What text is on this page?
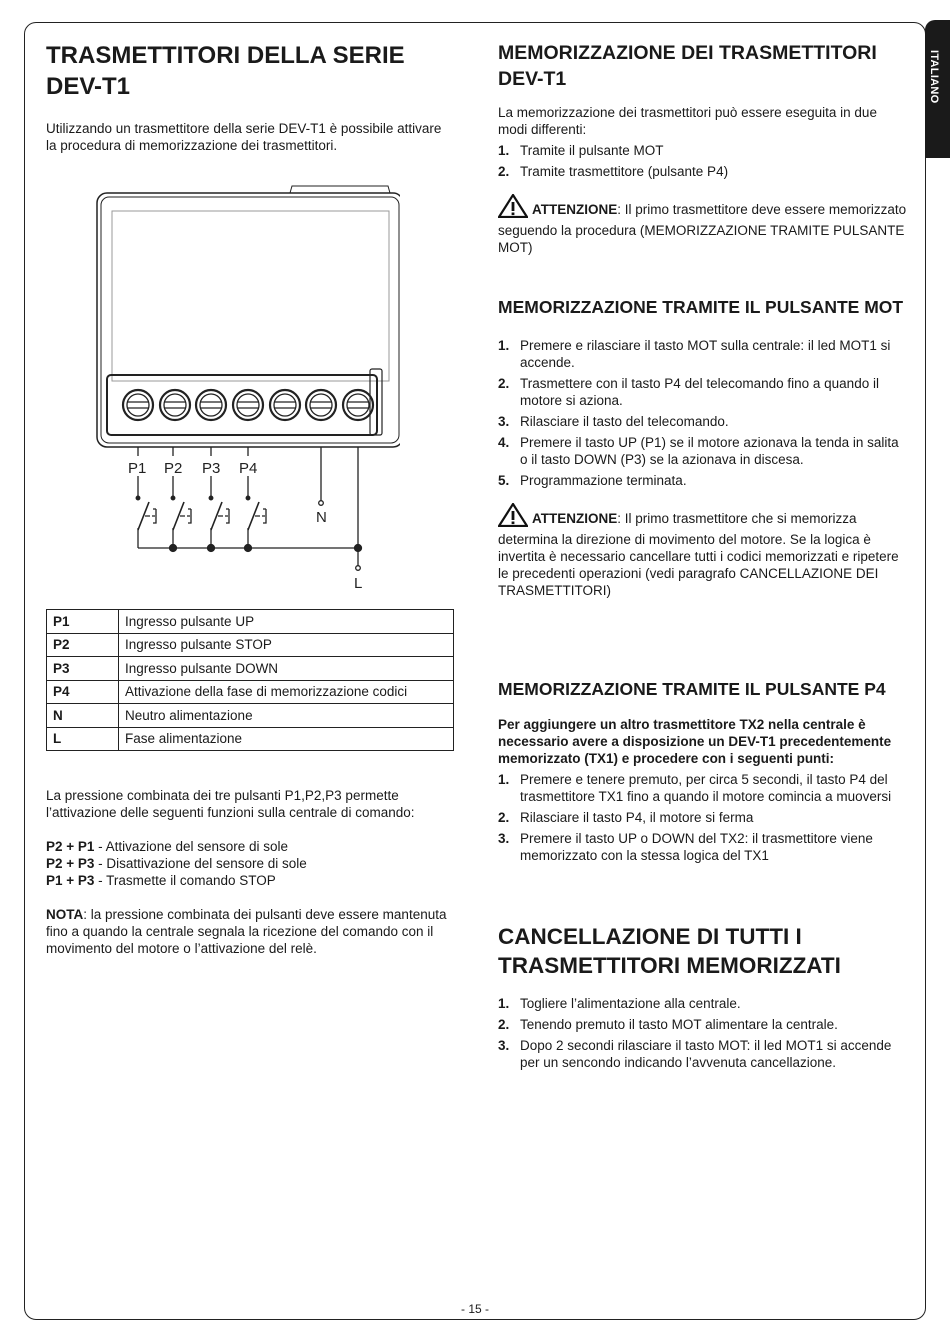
ITALIANO
TRASMETTITORI DELLA SERIE DEV-T1

Utilizzando un trasmettitore della serie DEV-T1 è possibile attivare la procedura di memorizzazione dei trasmettitori.

P1 P2 P3 P4
N
L
P1	Ingresso pulsante UP
P2	Ingresso pulsante STOP
P3	Ingresso pulsante DOWN
P4	Attivazione della fase di memorizzazione codici
N	Neutro alimentazione
L	Fase alimentazione

La pressione combinata dei tre pulsanti P1,P2,P3 permette l’attivazione delle seguenti funzioni sulla centrale di comando:

P2 + P1 - Attivazione del sensore di sole
P2 + P3 - Disattivazione del sensore di sole
P1 + P3 - Trasmette il comando STOP

NOTA: la pressione combinata dei pulsanti deve essere mantenuta fino a quando la centrale segnala la ricezione del comando con il movimento del motore o l’attivazione del relè.

MEMORIZZAZIONE DEI TRASMETTITORI DEV-T1

La memorizzazione dei trasmettitori può essere eseguita in due modi differenti:

1. Tramite il pulsante MOT
2. Tramite trasmettitore (pulsante P4)

ATTENZIONE: Il primo trasmettitore deve essere memorizzato seguendo la procedura (MEMORIZZAZIONE TRAMITE PULSANTE MOT)

MEMORIZZAZIONE TRAMITE IL PULSANTE MOT
1. Premere e rilasciare il tasto MOT sulla centrale: il led MOT1 si accende.
2. Trasmettere con il tasto P4 del telecomando fino a quando il motore si aziona.
3. Rilasciare il tasto del telecomando.
4. Premere il tasto UP (P1) se il motore azionava la tenda in salita o il tasto DOWN (P3) se la azionava in discesa.
5. Programmazione terminata.

ATTENZIONE: Il primo trasmettitore che si memorizza determina la direzione di movimento del motore. Se la logica è invertita è necessario cancellare tutti i codici memorizzati e ripetere le precedenti operazioni (vedi paragrafo CANCELLAZIONE DEI TRASMETTITORI)

MEMORIZZAZIONE TRAMITE IL PULSANTE P4

Per aggiungere un altro trasmettitore TX2 nella centrale è necessario avere a disposizione un DEV-T1 precedentemente memorizzato (TX1) e procedere con i seguenti punti:

1. Premere e tenere premuto, per circa 5 secondi, il tasto P4 del trasmettitore TX1 fino a quando il motore comincia a muoversi
2. Rilasciare il tasto P4, il motore si ferma
3. Premere il tasto UP o DOWN del TX2: il trasmettitore viene memorizzato con la stessa logica del TX1
CANCELLAZIONE DI TUTTI I TRASMETTITORI MEMORIZZATI
1. Togliere l’alimentazione alla centrale.
2. Tenendo premuto il tasto MOT alimentare la centrale.
3. Dopo 2 secondi rilasciare il tasto MOT: il led MOT1 si accende per un sencondo indicando l’avvenuta cancellazione.
- 15 -
